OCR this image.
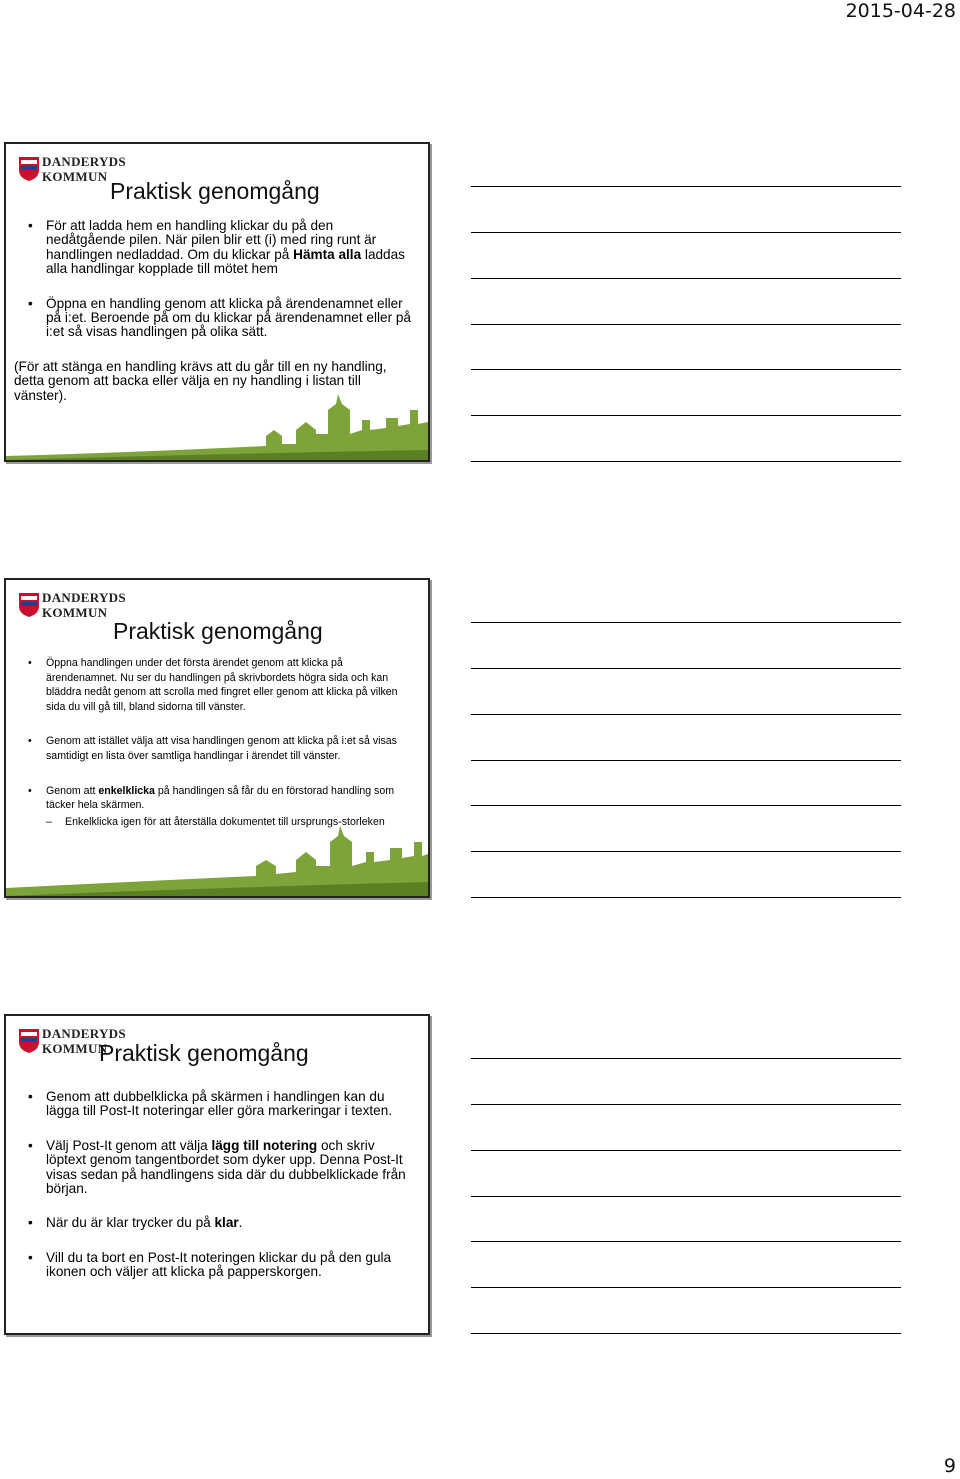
2015-04-28
DANDERYDS
KOMMUN
Praktisk genomgång
• För att ladda hem en handling klickar du på den nedåtgående pilen. När pilen blir ett (i) med ring runt är handlingen nedladdad. Om du klickar på Hämta alla laddas alla handlingar kopplade till mötet hem
• Öppna en handling genom att klicka på ärendenamnet eller på i:et. Beroende på om du klickar på ärendenamnet eller på i:et så visas handlingen på olika sätt.
(För att stänga en handling krävs att du går till en ny handling, detta genom att backa eller välja en ny handling i listan till vänster).
DANDERYDS
KOMMUN
Praktisk genomgång
• Öppna handlingen under det första ärendet genom att klicka på ärendenamnet. Nu ser du handlingen på skrivbordets högra sida och kan bläddra nedåt genom att scrolla med fingret eller genom att klicka på vilken sida du vill gå till, bland sidorna till vänster.
• Genom att istället välja att visa handlingen genom att klicka på i:et så visas samtidigt en lista över samtliga handlingar i ärendet till vänster.
• Genom att enkelklicka på handlingen så får du en förstorad handling som täcker hela skärmen.
– Enkelklicka igen för att återställa dokumentet till ursprungs-storleken
DANDERYDS
KOMMUN
Praktisk genomgång
• Genom att dubbelklicka på skärmen i handlingen kan du lägga till Post-It noteringar eller göra markeringar i texten.
• Välj Post-It genom att välja lägg till notering och skriv löptext genom tangentbordet som dyker upp. Denna Post-It visas sedan på handlingens sida där du dubbelklickade från början.
• När du är klar trycker du på klar.
• Vill du ta bort en Post-It noteringen klickar du på den gula ikonen och väljer att klicka på papperskorgen.
9
